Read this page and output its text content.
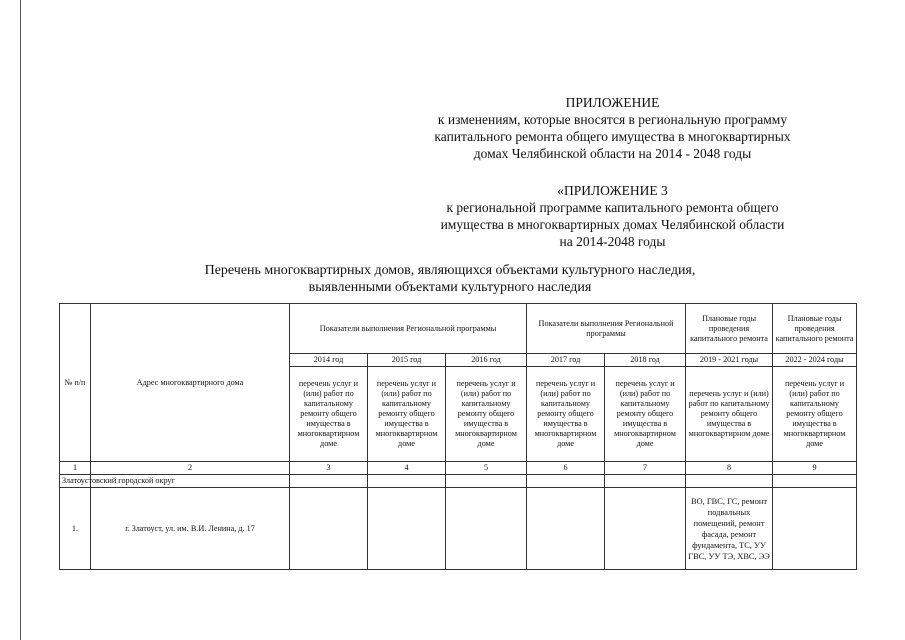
ПРИЛОЖЕНИЕ
к изменениям, которые вносятся в региональную программу
капитального ремонта общего имущества в многоквартирных
домах Челябинской области на 2014 - 2048 годы
«ПРИЛОЖЕНИЕ 3
к региональной программе капитального ремонта общего
имущества в многоквартирных домах Челябинской области
на 2014-2048 годы
Перечень многоквартирных домов, являющихся объектами культурного наследия,
выявленными объектами культурного наследия
№ п/п	Адрес многоквартирного дома	Показатели выполнения Региональной программы			Показатели выполнения Региональной программы		Плановые годы проведения капитального ремонта	Плановые годы проведения капитального ремонта
		2014 год	2015 год	2016 год	2017 год	2018 год	2019 - 2021 годы	2022 - 2024 годы
		перечень услуг и (или) работ по капитальному ремонту общего имущества в многоквартирном доме	перечень услуг и (или) работ по капитальному ремонту общего имущества в многоквартирном доме	перечень услуг и (или) работ по капитальному ремонту общего имущества в многоквартирном доме	перечень услуг и (или) работ по капитальному ремонту общего имущества в многоквартирном доме	перечень услуг и (или) работ по капитальному ремонту общего имущества в многоквартирном доме	перечень услуг и (или) работ по капитальному ремонту общего имущества в многоквартирном доме	перечень услуг и (или) работ по капитальному ремонту общего имущества в многоквартирном доме
1	2	3	4	5	6	7	8	9
Златоустовский городской округ								
1.	г. Златоуст, ул. им. В.И. Ленина, д. 17						ВО, ГВС, ГС, ремонт подвальных помещений, ремонт фасада, ремонт фундамента, ТС, УУ ГВС, УУ ТЭ, ХВС, ЭЭ	
